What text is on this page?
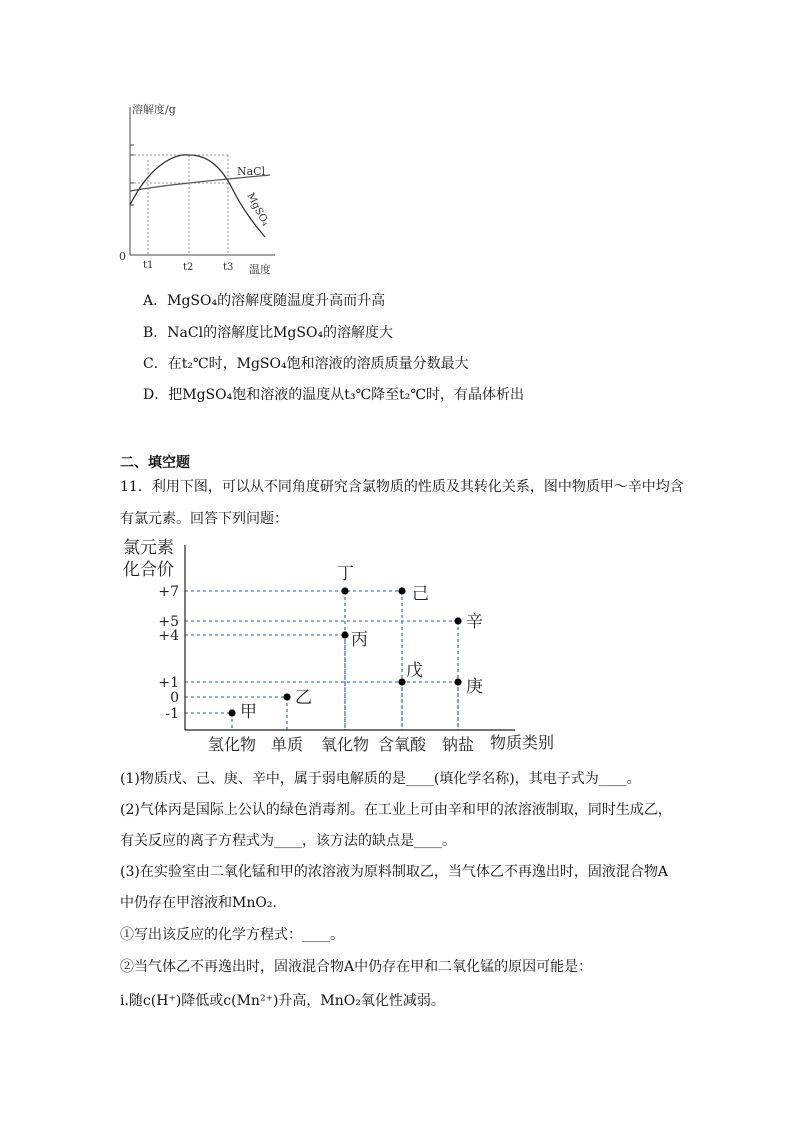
溶解度/g
0
t1	t2	t3 温度
NaCl
MgSO₄
A．MgSO₄的溶解度随温度升高而升高
B．NaCl的溶解度比MgSO₄的溶解度大
C．在t₂℃时，MgSO₄饱和溶液的溶质质量分数最大
D．把MgSO₄饱和溶液的温度从t₃℃降至t₂℃时，有晶体析出
二、填空题
11．利用下图，可以从不同角度研究含氯物质的性质及其转化关系，图中物质甲～辛中均含
有氯元素。回答下列问题：
氯元素
化合价
+7
+5
+4
+1
0
-1
氢化物 单质 氧化物 含氧酸 钠盐 物质类别
甲
乙
丙
丁
己
戊
辛
庚
(1)物质戊、己、庚、辛中，属于弱电解质的是____(填化学名称)，其电子式为____。
(2)气体丙是国际上公认的绿色消毒剂。在工业上可由辛和甲的浓溶液制取，同时生成乙，
有关反应的离子方程式为____，该方法的缺点是____。
(3)在实验室由二氧化锰和甲的浓溶液为原料制取乙，当气体乙不再逸出时，固液混合物A
中仍存在甲溶液和MnO₂.
①写出该反应的化学方程式：____。
②当气体乙不再逸出时，固液混合物A中仍存在甲和二氧化锰的原因可能是：
ⅰ.随c(H⁺)降低或c(Mn²⁺)升高，MnO₂氧化性减弱。
